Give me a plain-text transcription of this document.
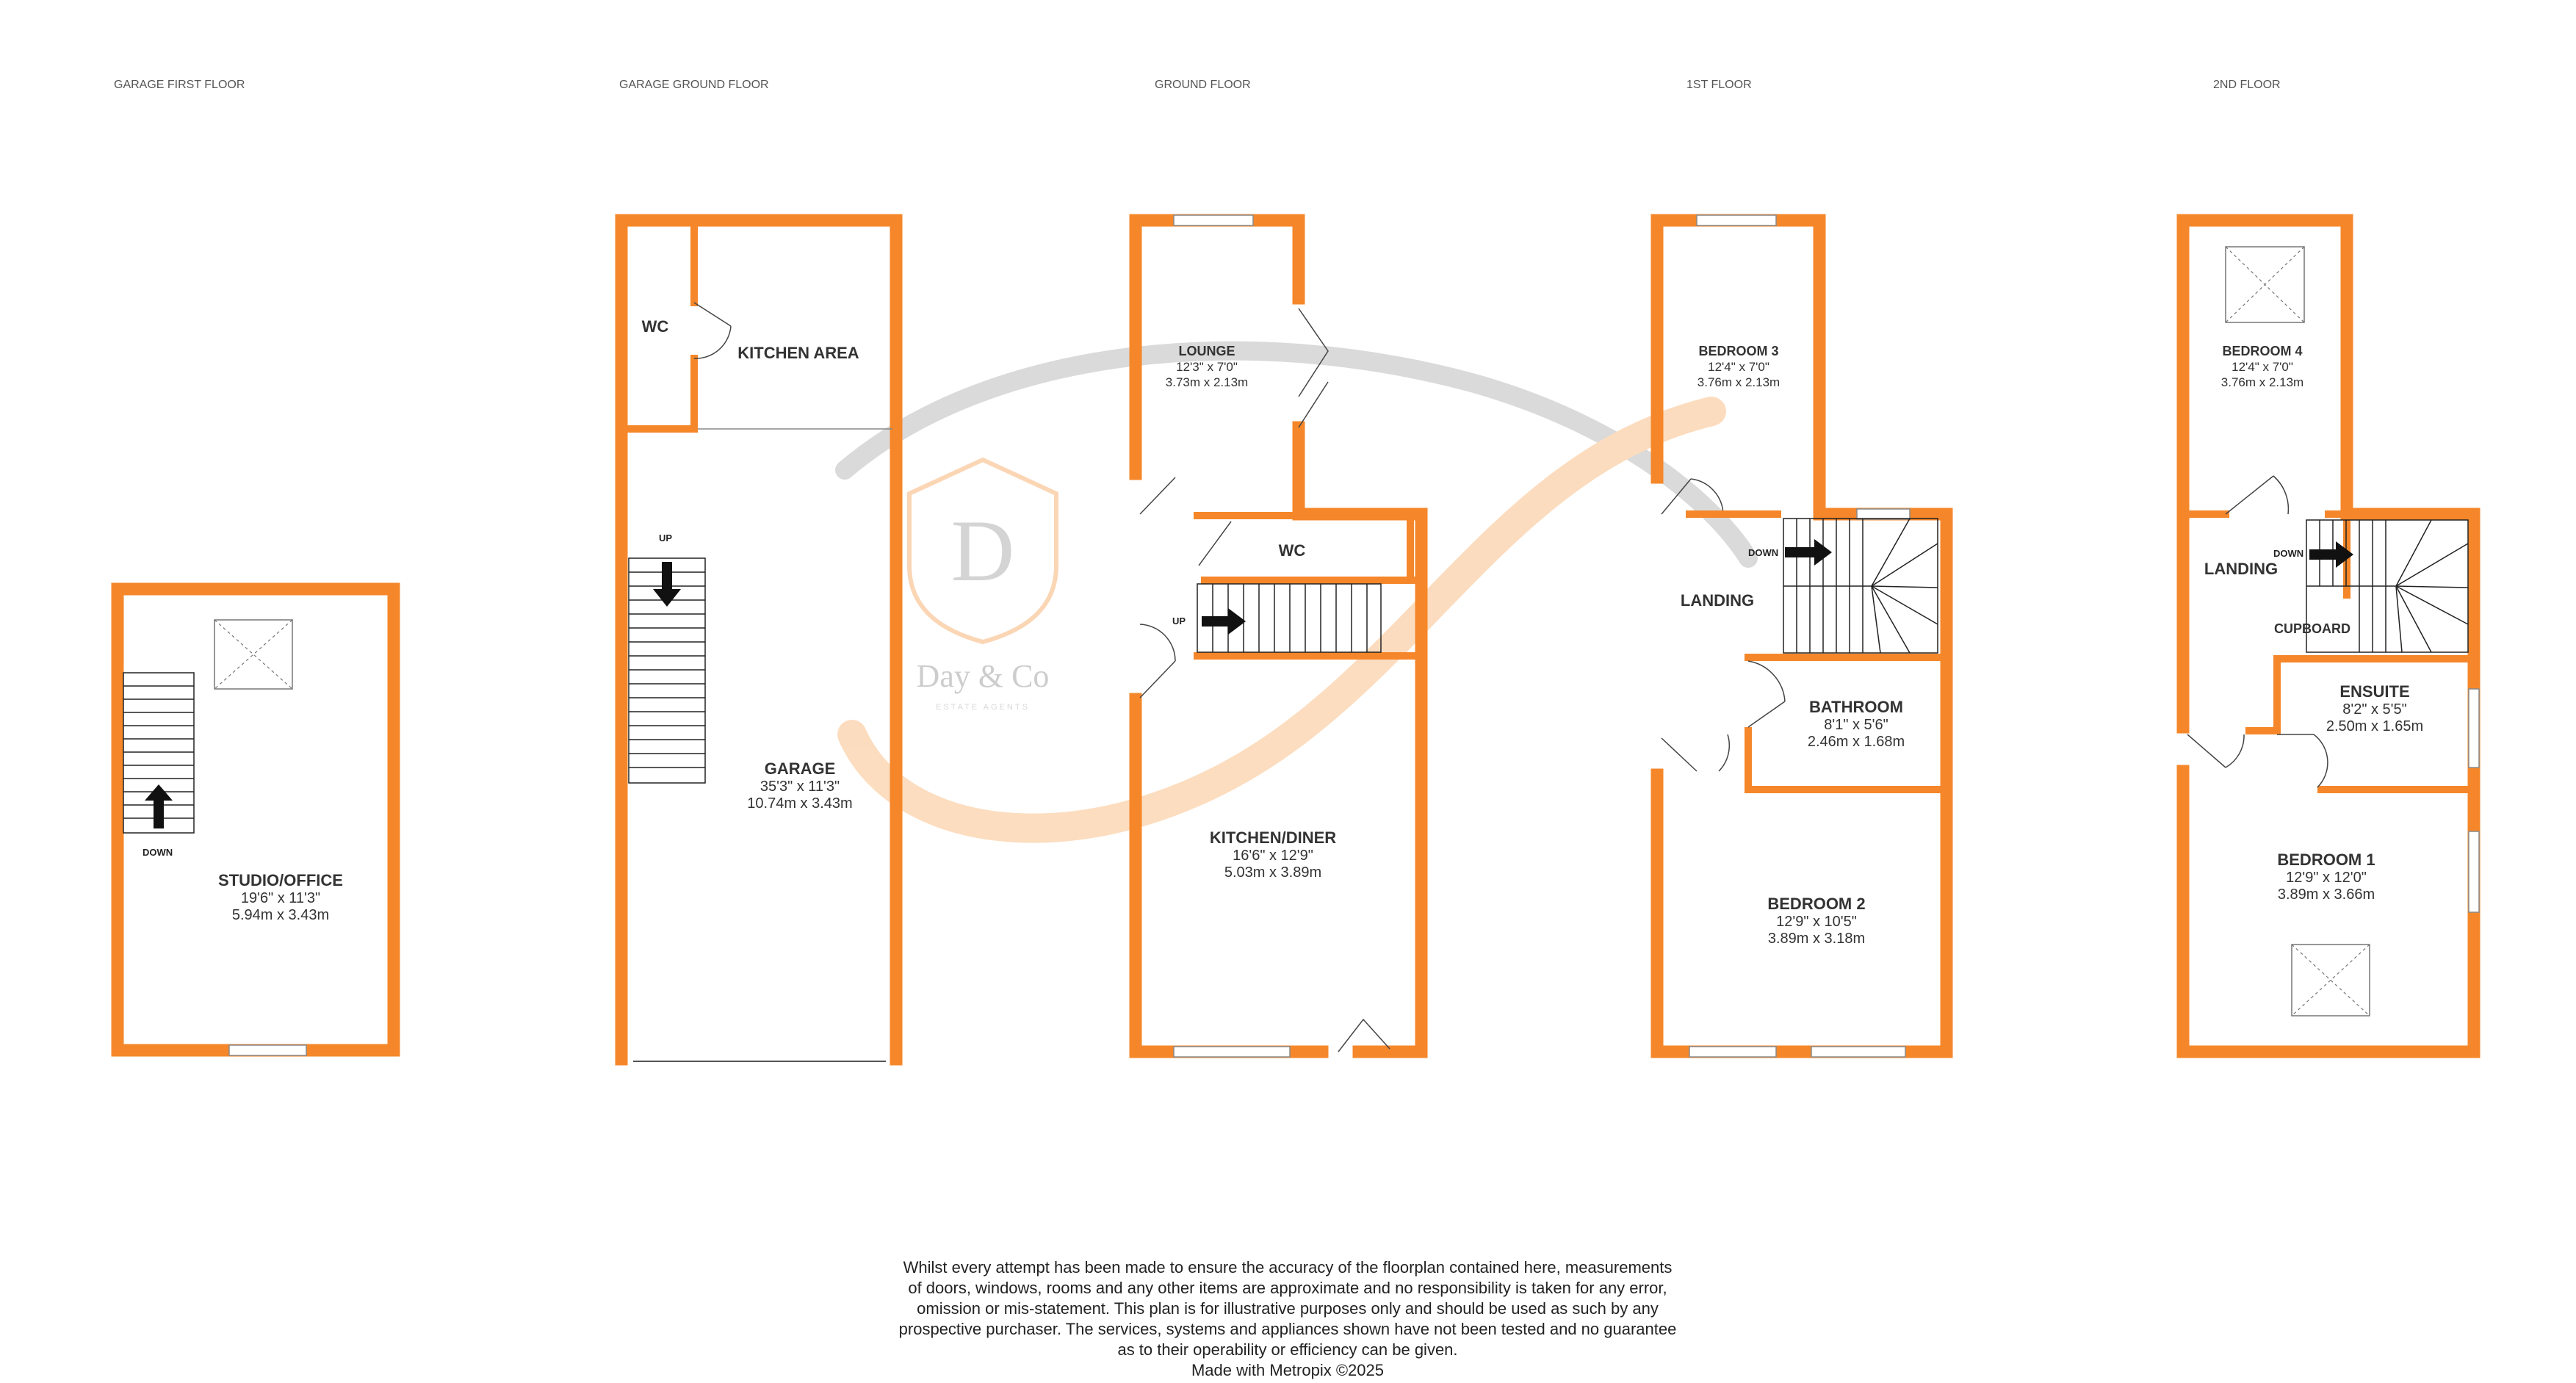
GARAGE FIRST FLOOR	GARAGE GROUND FLOOR	GROUND FLOOR	1ST FLOOR	2ND FLOOR
D
Day & Co
ESTATE AGENTS
DOWN
STUDIO/OFFICE
19'6" x 11'3"
5.94m x 3.43m
WC
KITCHEN AREA
UP
GARAGE
35'3" x 11'3"
10.74m x 3.43m
UP
LOUNGE
12'3" x 7'0"
3.73m x 2.13m
WC
KITCHEN/DINER
16'6" x 12'9"
5.03m x 3.89m
DOWN
BEDROOM 3
12'4" x 7'0"
3.76m x 2.13m
LANDING
BATHROOM
8'1" x 5'6"
2.46m x 1.68m
BEDROOM 2
12'9" x 10'5"
3.89m x 3.18m
DOWN
BEDROOM 4
12'4" x 7'0"
3.76m x 2.13m
LANDING
CUPBOARD
ENSUITE
8'2" x 5'5"
2.50m x 1.65m
BEDROOM 1
12'9" x 12'0"
3.89m x 3.66m
Whilst every attempt has been made to ensure the accuracy of the floorplan contained here, measurements
of doors, windows, rooms and any other items are approximate and no responsibility is taken for any error,
omission or mis-statement. This plan is for illustrative purposes only and should be used as such by any
prospective purchaser. The services, systems and appliances shown have not been tested and no guarantee
as to their operability or efficiency can be given.
Made with Metropix ©2025
